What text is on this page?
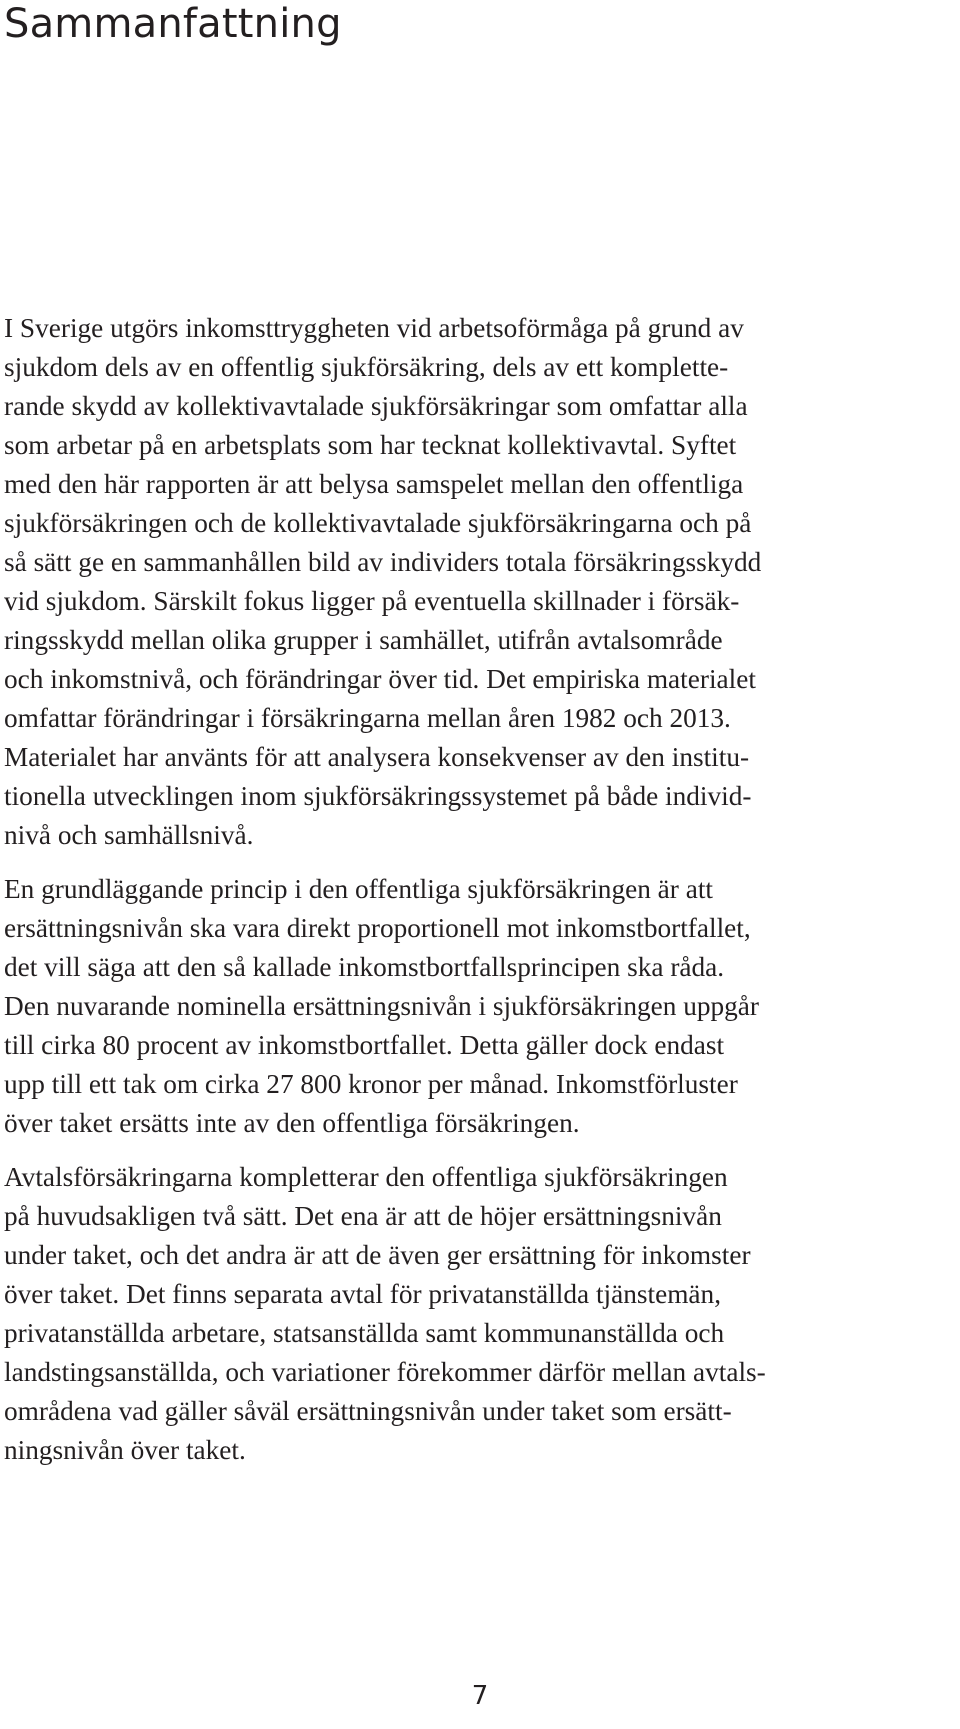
Sammanfattning

I Sverige utgörs inkomsttryggheten vid arbetsoförmåga på grund av
sjukdom dels av en offentlig sjukförsäkring, dels av ett komplette-
rande skydd av kollektivavtalade sjukförsäkringar som omfattar alla
som arbetar på en arbetsplats som har tecknat kollektivavtal. Syftet
med den här rapporten är att belysa samspelet mellan den offentliga
sjukförsäkringen och de kollektivavtalade sjukförsäkringarna och på
så sätt ge en sammanhållen bild av individers totala försäkringsskydd
vid sjukdom. Särskilt fokus ligger på eventuella skillnader i försäk-
ringsskydd mellan olika grupper i samhället, utifrån avtalsområde
och inkomstnivå, och förändringar över tid. Det empiriska materialet
omfattar förändringar i försäkringarna mellan åren 1982 och 2013.
Materialet har använts för att analysera konsekvenser av den institu-
tionella utvecklingen inom sjukförsäkringssystemet på både individ-
nivå och samhällsnivå.

En grundläggande princip i den offentliga sjukförsäkringen är att
ersättningsnivån ska vara direkt proportionell mot inkomstbortfallet,
det vill säga att den så kallade inkomstbortfallsprincipen ska råda.
Den nuvarande nominella ersättningsnivån i sjukförsäkringen uppgår
till cirka 80 procent av inkomstbortfallet. Detta gäller dock endast
upp till ett tak om cirka 27 800 kronor per månad. Inkomstförluster
över taket ersätts inte av den offentliga försäkringen.

Avtalsförsäkringarna kompletterar den offentliga sjukförsäkringen
på huvudsakligen två sätt. Det ena är att de höjer ersättningsnivån
under taket, och det andra är att de även ger ersättning för inkomster
över taket. Det finns separata avtal för privatanställda tjänstemän,
privatanställda arbetare, statsanställda samt kommunanställda och
landstingsanställda, och variationer förekommer därför mellan avtals-
områdena vad gäller såväl ersättningsnivån under taket som ersätt-
ningsnivån över taket.

7
